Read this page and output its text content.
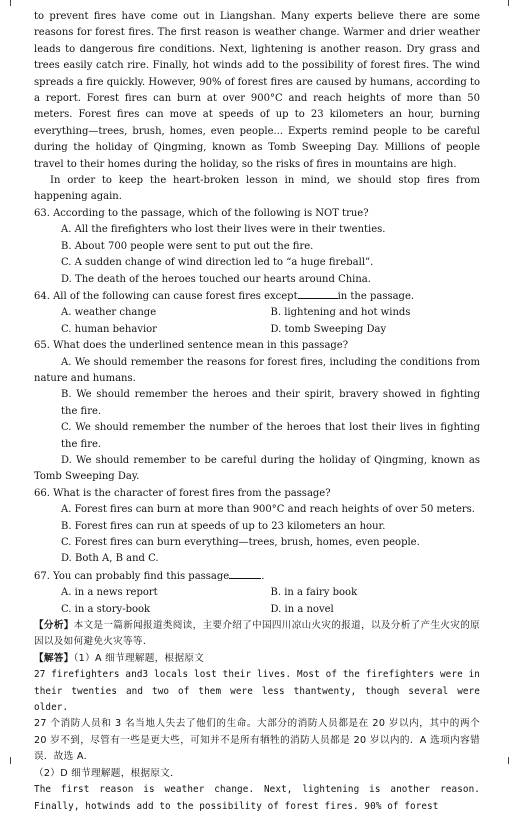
to prevent fires have come out in Liangshan. Many experts believe there are some reasons for forest fires. The first reason is weather change. Warmer and drier weather leads to dangerous fire conditions. Next, lightening is another reason. Dry grass and trees easily catch rire. Finally, hot winds add to the possibility of forest fires. The wind spreads a fire quickly. However, 90% of forest fires are caused by humans, according to a report. Forest fires can burn at over 900°C and reach heights of more than 50 meters. Forest fires can move at speeds of up to 23 kilometers an hour, burning everything—trees, brush, homes, even people... Experts remind people to be careful during the holiday of Qingming, known as Tomb Sweeping Day. Millions of people travel to their homes during the holiday, so the risks of fires in mountains are high.

In order to keep the heart-broken lesson in mind, we should stop fires from happening again.

63. According to the passage, which of the following is NOT true?

A. All the firefighters who lost their lives were in their twenties.

B. About 700 people were sent to put out the fire.

C. A sudden change of wind direction led to “a huge fireball”.

D. The death of the heroes touched our hearts around China.

64. All of the following can cause forest fires except	in the passage.

A. weather change	B. lightening and hot winds
C. human behavior	D. tomb Sweeping Day

65. What does the underlined sentence mean in this passage?

A. We should remember the reasons for forest fires, including the conditions from nature and humans.

B. We should remember the heroes and their spirit, bravery showed in fighting the fire.

C. We should remember the number of the heroes that lost their lives in fighting the fire.

D. We should remember to be careful during the holiday of Qingming, known as Tomb Sweeping Day.

66. What is the character of forest fires from the passage?

A. Forest fires can burn at more than 900°C and reach heights of over 50 meters.

B. Forest fires can run at speeds of up to 23 kilometers an hour.

C. Forest fires can burn everything—trees, brush, homes, even people.

D. Both A, B and C.

67. You can probably find this passage	.

A. in a news report	B. in a fairy book
C. in a story-book	D. in a novel

【分析】本文是一篇新闻报道类阅读，主要介绍了中国四川凉山火灾的报道，以及分析了产生火灾的原因以及如何避免火灾等等.

【解答】（1）A 细节理解题，根据原文

27 firefighters and3 locals lost their lives. Most of the firefighters were in their twenties and two of them were less thantwenty, though several were older.

27 个消防人员和 3 名当地人失去了他们的生命。大部分的消防人员都是在 20 岁以内，其中的两个 20 岁不到，尽管有一些是更大些，可知并不是所有牺牲的消防人员都是 20 岁以内的．A 选项内容错误．故选 A．

（2）D 细节理解题，根据原文．

The first reason is weather change. Next, lightening is another reason. Finally, hotwinds add to the possibility of forest fires. 90% of forest
